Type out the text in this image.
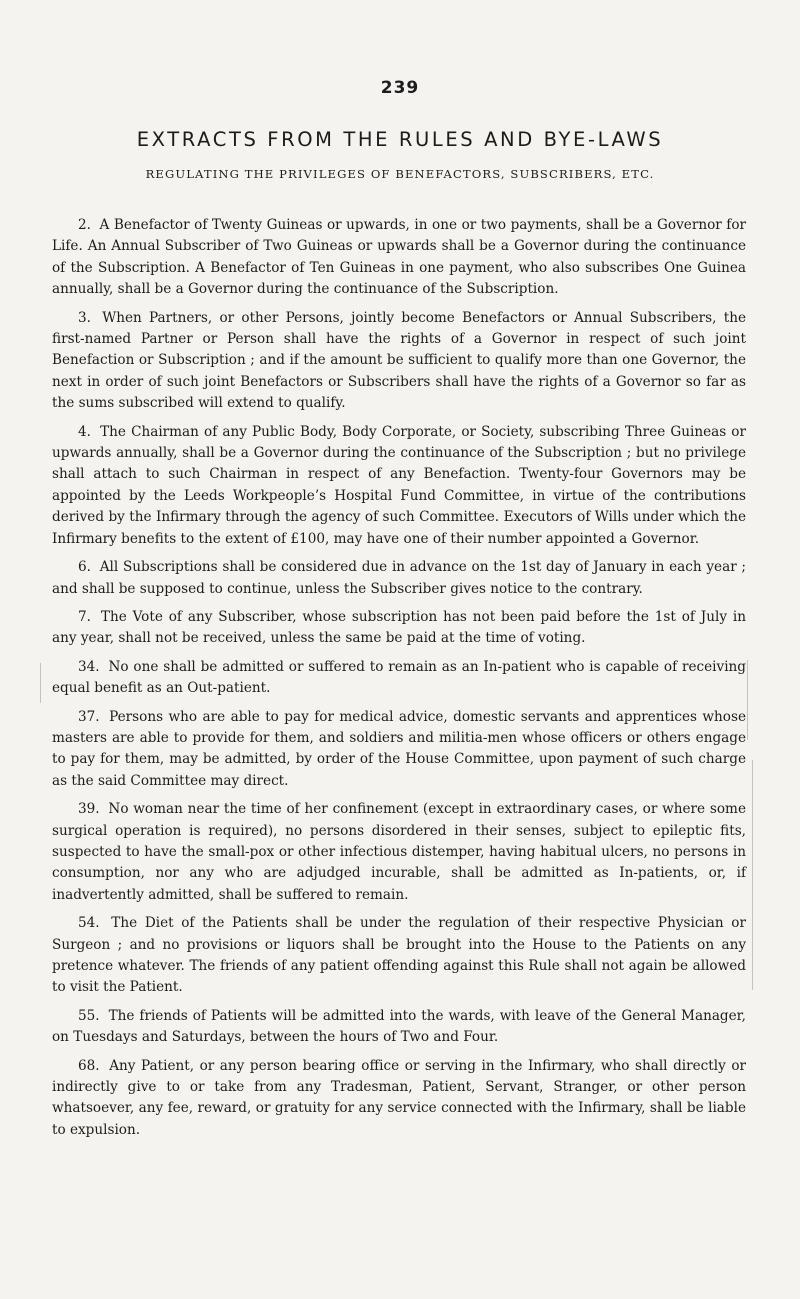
239
EXTRACTS FROM THE RULES AND BYE-LAWS
REGULATING THE PRIVILEGES OF BENEFACTORS, SUBSCRIBERS, ETC.

2. A Benefactor of Twenty Guineas or upwards, in one or two payments, shall be a Governor for Life. An Annual Subscriber of Two Guineas or upwards shall be a Governor during the continuance of the Subscription. A Benefactor of Ten Guineas in one payment, who also subscribes One Guinea annually, shall be a Governor during the continuance of the Subscription.

3. When Partners, or other Persons, jointly become Benefactors or Annual Subscribers, the first-named Partner or Person shall have the rights of a Governor in respect of such joint Benefaction or Subscription ; and if the amount be sufficient to qualify more than one Governor, the next in order of such joint Benefactors or Subscribers shall have the rights of a Governor so far as the sums subscribed will extend to qualify.

4. The Chairman of any Public Body, Body Corporate, or Society, subscribing Three Guineas or upwards annually, shall be a Governor during the continuance of the Subscription ; but no privilege shall attach to such Chairman in respect of any Benefaction. Twenty-four Governors may be appointed by the Leeds Workpeople’s Hospital Fund Committee, in virtue of the contributions derived by the Infirmary through the agency of such Committee. Executors of Wills under which the Infirmary benefits to the extent of £100, may have one of their number appointed a Governor.

6. All Subscriptions shall be considered due in advance on the 1st day of January in each year ; and shall be supposed to continue, unless the Subscriber gives notice to the contrary.

7. The Vote of any Subscriber, whose subscription has not been paid before the 1st of July in any year, shall not be received, unless the same be paid at the time of voting.

34. No one shall be admitted or suffered to remain as an In-patient who is capable of receiving equal benefit as an Out-patient.

37. Persons who are able to pay for medical advice, domestic servants and apprentices whose masters are able to provide for them, and soldiers and militia-men whose officers or others engage to pay for them, may be admitted, by order of the House Committee, upon payment of such charge as the said Committee may direct.

39. No woman near the time of her confinement (except in extraordinary cases, or where some surgical operation is required), no persons disordered in their senses, subject to epileptic fits, suspected to have the small-pox or other infectious distemper, having habitual ulcers, no persons in consumption, nor any who are adjudged incurable, shall be admitted as In-patients, or, if inadvertently admitted, shall be suffered to remain.

54. The Diet of the Patients shall be under the regulation of their respective Physician or Surgeon ; and no provisions or liquors shall be brought into the House to the Patients on any pretence whatever. The friends of any patient offending against this Rule shall not again be allowed to visit the Patient.

55. The friends of Patients will be admitted into the wards, with leave of the General Manager, on Tuesdays and Saturdays, between the hours of Two and Four.

68. Any Patient, or any person bearing office or serving in the Infirmary, who shall directly or indirectly give to or take from any Tradesman, Patient, Servant, Stranger, or other person whatsoever, any fee, reward, or gratuity for any service connected with the Infirmary, shall be liable to expulsion.
